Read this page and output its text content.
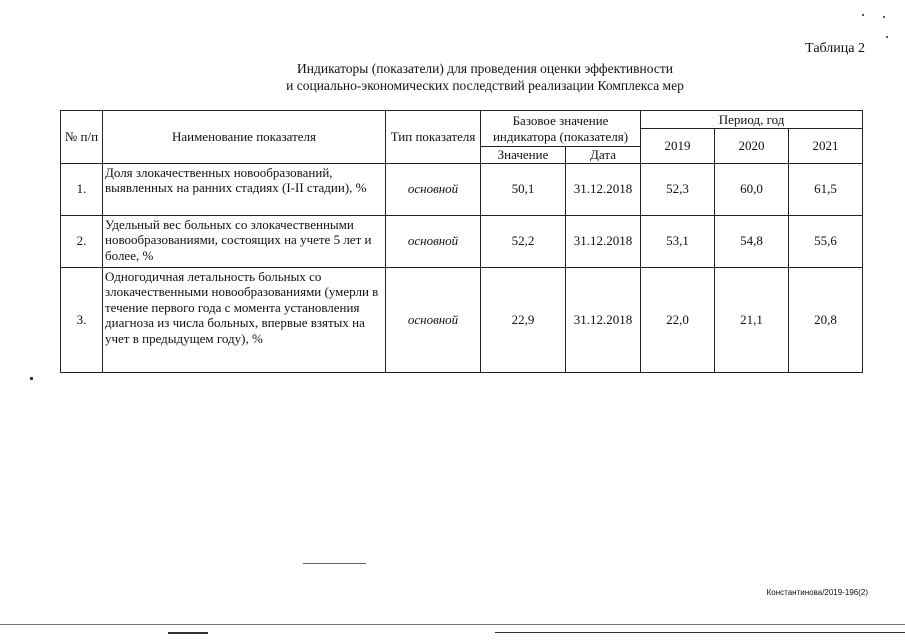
Таблица 2
Индикаторы (показатели) для проведения оценки эффективности
и социально-экономических последствий реализации Комплекса мер
№ п/п	Наименование показателя	Тип показателя	Базовое значение индикатора (показателя)		Период, год		
					2019	2020	2021
			Значение	Дата			
1.	Доля злокачественных новообразований, выявленных на ранних стадиях (I-II стадии), %	основной	50,1	31.12.2018	52,3	60,0	61,5
2.	Удельный вес больных со злокачественными новообразованиями, состоящих на учете 5 лет и более, %	основной	52,2	31.12.2018	53,1	54,8	55,6
3.	Одногодичная летальность больных со злокачественными новообразованиями (умерли в течение первого года с момента установления диагноза из числа больных, впервые взятых на учет в предыдущем году), %	основной	22,9	31.12.2018	22,0	21,1	20,8
Константинова/2019-196(2)
